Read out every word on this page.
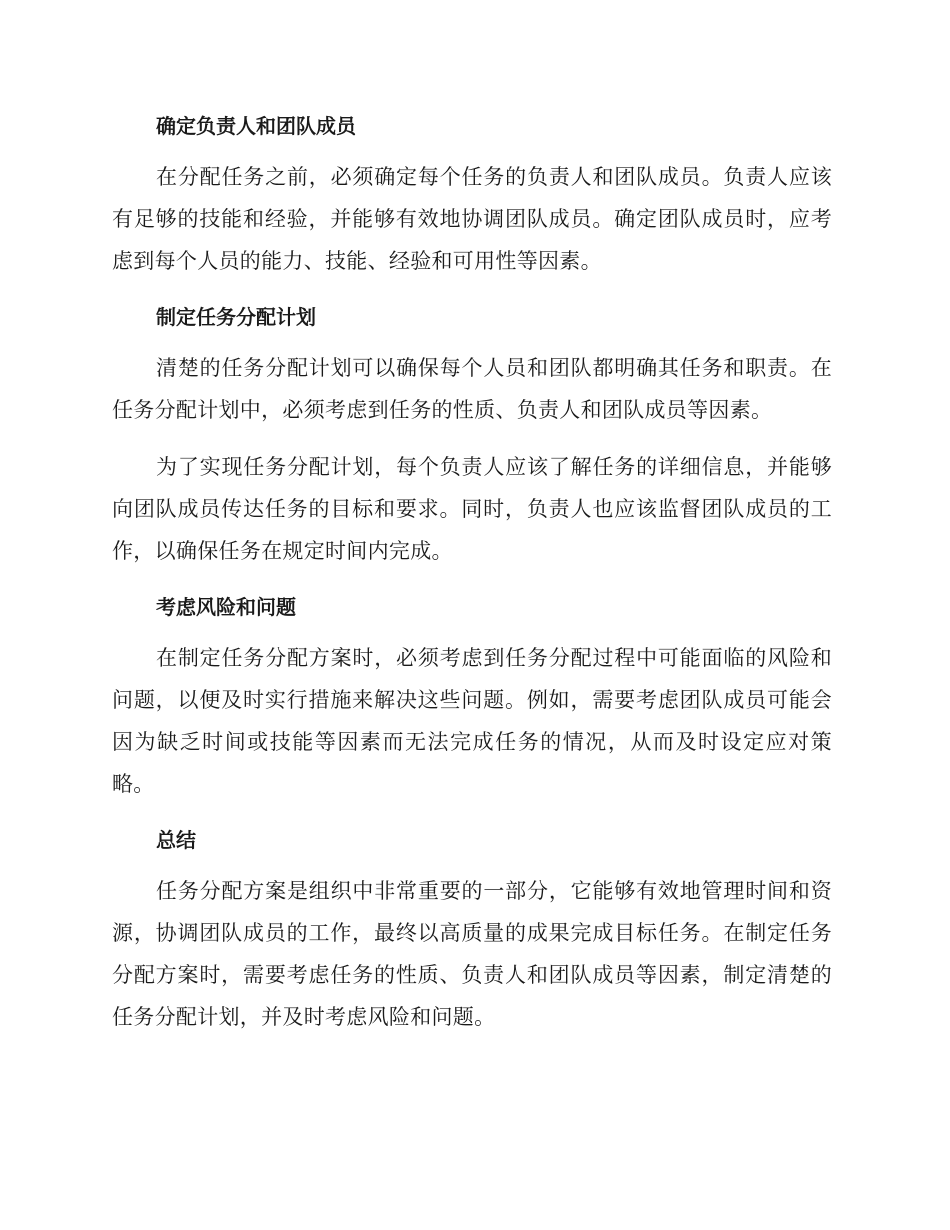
确定负责人和团队成员

在分配任务之前，必须确定每个任务的负责人和团队成员。负责人应该有足够的技能和经验，并能够有效地协调团队成员。确定团队成员时，应考虑到每个人员的能力、技能、经验和可用性等因素。

制定任务分配计划

清楚的任务分配计划可以确保每个人员和团队都明确其任务和职责。在任务分配计划中，必须考虑到任务的性质、负责人和团队成员等因素。

为了实现任务分配计划，每个负责人应该了解任务的详细信息，并能够向团队成员传达任务的目标和要求。同时，负责人也应该监督团队成员的工作，以确保任务在规定时间内完成。

考虑风险和问题

在制定任务分配方案时，必须考虑到任务分配过程中可能面临的风险和问题，以便及时实行措施来解决这些问题。例如，需要考虑团队成员可能会因为缺乏时间或技能等因素而无法完成任务的情况，从而及时设定应对策略。

总结

任务分配方案是组织中非常重要的一部分，它能够有效地管理时间和资源，协调团队成员的工作，最终以高质量的成果完成目标任务。在制定任务分配方案时，需要考虑任务的性质、负责人和团队成员等因素，制定清楚的任务分配计划，并及时考虑风险和问题。
